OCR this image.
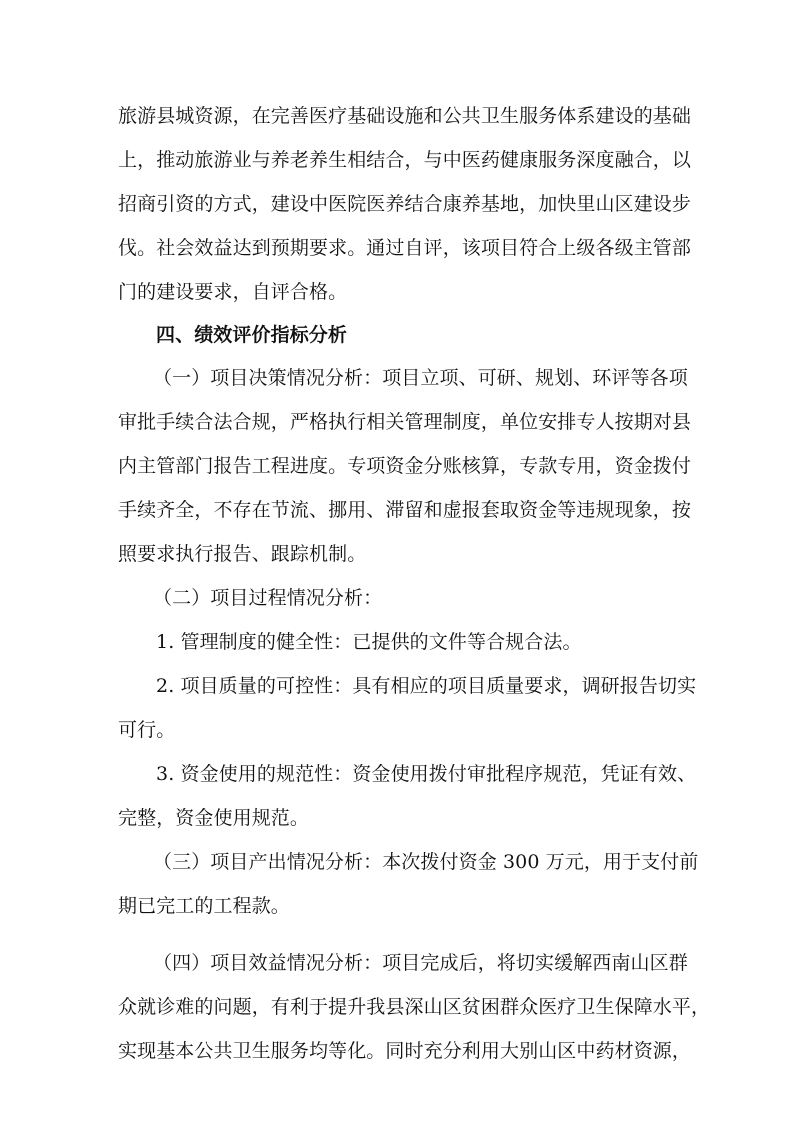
旅游县城资源，在完善医疗基础设施和公共卫生服务体系建设的基础
上，推动旅游业与养老养生相结合，与中医药健康服务深度融合，以
招商引资的方式，建设中医院医养结合康养基地，加快里山区建设步
伐。社会效益达到预期要求。通过自评，该项目符合上级各级主管部
门的建设要求，自评合格。
四、绩效评价指标分析
（一）项目决策情况分析：项目立项、可研、规划、环评等各项
审批手续合法合规，严格执行相关管理制度，单位安排专人按期对县
内主管部门报告工程进度。专项资金分账核算，专款专用，资金拨付
手续齐全，不存在节流、挪用、滞留和虚报套取资金等违规现象，按
照要求执行报告、跟踪机制。
（二）项目过程情况分析：
1. 管理制度的健全性：已提供的文件等合规合法。
2. 项目质量的可控性：具有相应的项目质量要求，调研报告切实
可行。
3. 资金使用的规范性：资金使用拨付审批程序规范，凭证有效、
完整，资金使用规范。
（三）项目产出情况分析：本次拨付资金 300 万元，用于支付前
期已完工的工程款。
（四）项目效益情况分析：项目完成后，将切实缓解西南山区群
众就诊难的问题，有利于提升我县深山区贫困群众医疗卫生保障水平，
实现基本公共卫生服务均等化。同时充分利用大别山区中药材资源，
